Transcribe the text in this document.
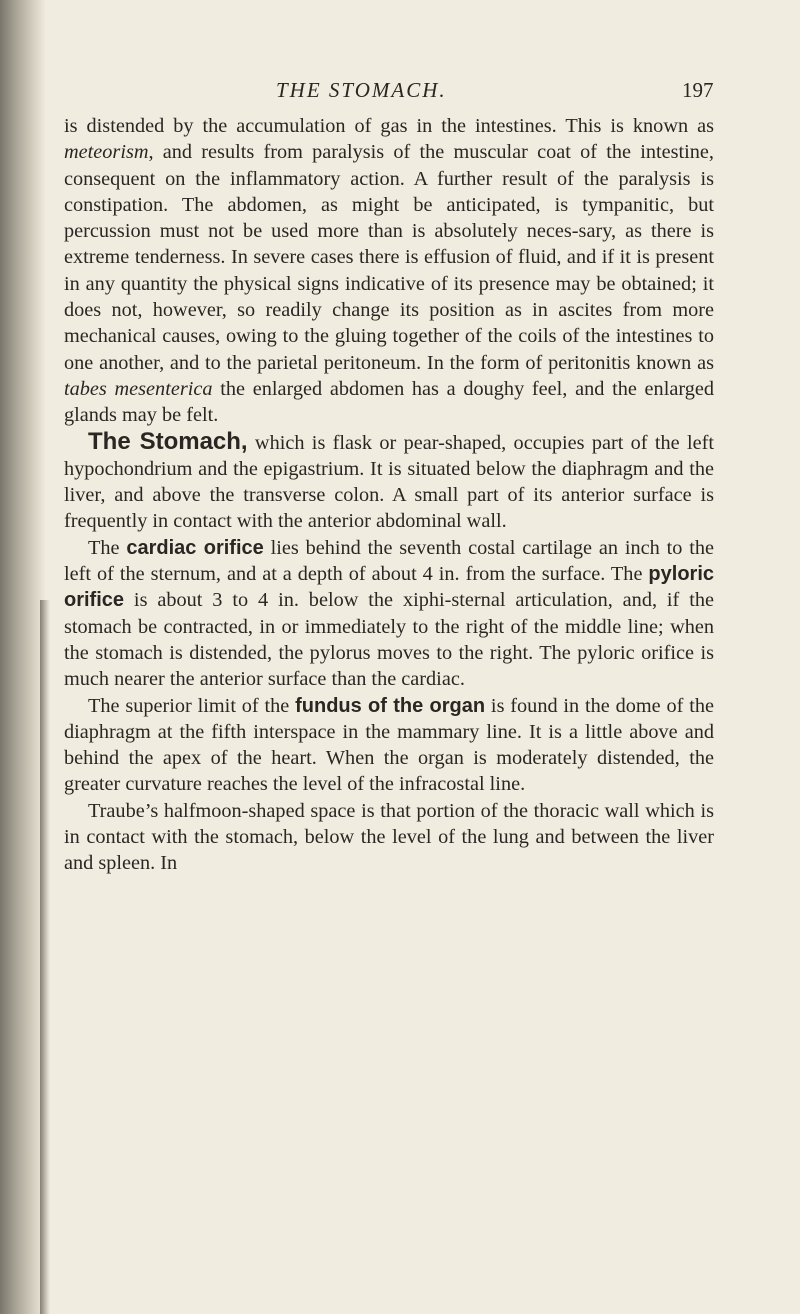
THE STOMACH.	197

is distended by the accumulation of gas in the intestines. This is known as meteorism, and results from paralysis of the muscular coat of the intestine, consequent on the inflammatory action. A further result of the paralysis is constipation. The abdomen, as might be anticipated, is tympanitic, but percussion must not be used more than is absolutely neces-sary, as there is extreme tenderness. In severe cases there is effusion of fluid, and if it is present in any quantity the physical signs indicative of its presence may be obtained; it does not, however, so readily change its position as in ascites from more mechanical causes, owing to the gluing together of the coils of the intestines to one another, and to the parietal peritoneum. In the form of peritonitis known as tabes mesenterica the enlarged abdomen has a doughy feel, and the enlarged glands may be felt.

The Stomach, which is flask or pear-shaped, occupies part of the left hypochondrium and the epigastrium. It is situated below the diaphragm and the liver, and above the transverse colon. A small part of its anterior surface is frequently in contact with the anterior abdominal wall.

The cardiac orifice lies behind the seventh costal cartilage an inch to the left of the sternum, and at a depth of about 4 in. from the surface. The pyloric orifice is about 3 to 4 in. below the xiphi-sternal articulation, and, if the stomach be contracted, in or immediately to the right of the middle line; when the stomach is distended, the pylorus moves to the right. The pyloric orifice is much nearer the anterior surface than the cardiac.

The superior limit of the fundus of the organ is found in the dome of the diaphragm at the fifth interspace in the mammary line. It is a little above and behind the apex of the heart. When the organ is moderately distended, the greater curvature reaches the level of the infracostal line.

Traube’s halfmoon-shaped space is that portion of the thoracic wall which is in contact with the stomach, below the level of the lung and between the liver and spleen. In
